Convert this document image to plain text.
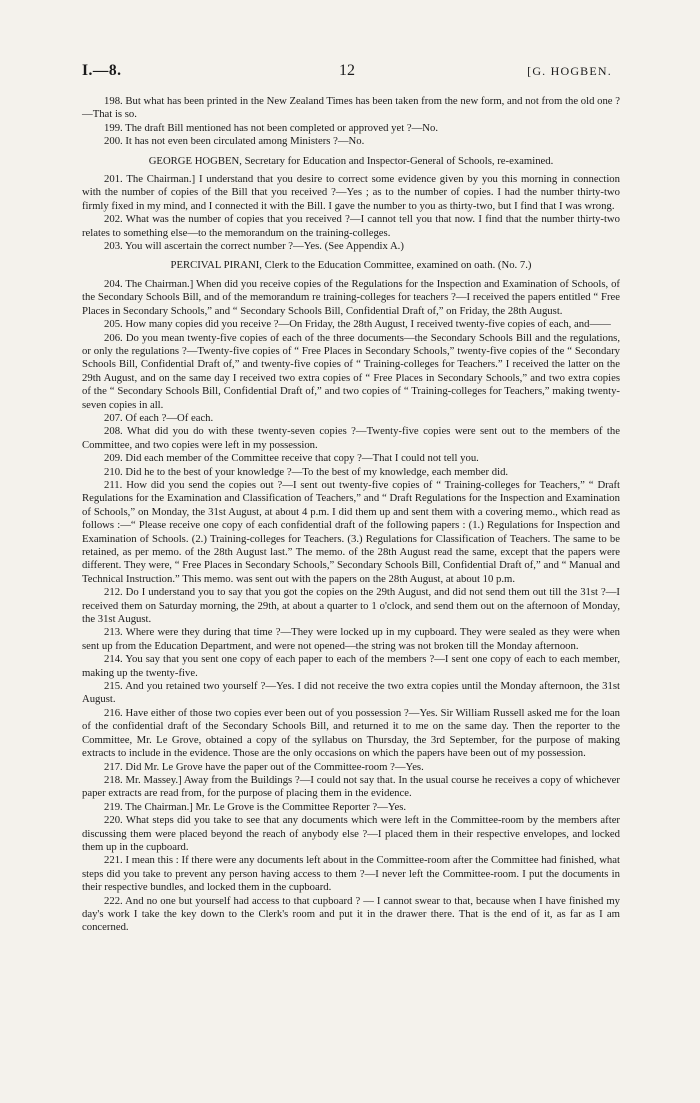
I.—8.	12	[G. HOGBEN.

198. But what has been printed in the New Zealand Times has been taken from the new form, and not from the old one ?—That is so.

199. The draft Bill mentioned has not been completed or approved yet ?—No.

200. It has not even been circulated among Ministers ?—No.

GEORGE HOGBEN, Secretary for Education and Inspector-General of Schools, re-examined.

201. The Chairman.] I understand that you desire to correct some evidence given by you this morning in connection with the number of copies of the Bill that you received ?—Yes ; as to the number of copies. I had the number thirty-two firmly fixed in my mind, and I connected it with the Bill. I gave the number to you as thirty-two, but I find that I was wrong.

202. What was the number of copies that you received ?—I cannot tell you that now. I find that the number thirty-two relates to something else—to the memorandum on the training-colleges.

203. You will ascertain the correct number ?—Yes. (See Appendix A.)

PERCIVAL PIRANI, Clerk to the Education Committee, examined on oath. (No. 7.)

204. The Chairman.] When did you receive copies of the Regulations for the Inspection and Examination of Schools, of the Secondary Schools Bill, and of the memorandum re training-colleges for teachers ?—I received the papers entitled “ Free Places in Secondary Schools,” and “ Secondary Schools Bill, Confidential Draft of,” on Friday, the 28th August.

205. How many copies did you receive ?—On Friday, the 28th August, I received twenty-five copies of each, and——

206. Do you mean twenty-five copies of each of the three documents—the Secondary Schools Bill and the regulations, or only the regulations ?—Twenty-five copies of “ Free Places in Secondary Schools,” twenty-five copies of the “ Secondary Schools Bill, Confidential Draft of,” and twenty-five copies of “ Training-colleges for Teachers.” I received the latter on the 29th August, and on the same day I received two extra copies of “ Free Places in Secondary Schools,” and two extra copies of the “ Secondary Schools Bill, Confidential Draft of,” and two copies of “ Training-colleges for Teachers,” making twenty-seven copies in all.

207. Of each ?—Of each.

208. What did you do with these twenty-seven copies ?—Twenty-five copies were sent out to the members of the Committee, and two copies were left in my possession.

209. Did each member of the Committee receive that copy ?—That I could not tell you.

210. Did he to the best of your knowledge ?—To the best of my knowledge, each member did.

211. How did you send the copies out ?—I sent out twenty-five copies of “ Training-colleges for Teachers,” “ Draft Regulations for the Examination and Classification of Teachers,” and “ Draft Regulations for the Inspection and Examination of Schools,” on Monday, the 31st August, at about 4 p.m. I did them up and sent them with a covering memo., which read as follows :—“ Please receive one copy of each confidential draft of the following papers : (1.) Regulations for Inspection and Examination of Schools. (2.) Training-colleges for Teachers. (3.) Regulations for Classification of Teachers. The same to be retained, as per memo. of the 28th August last.” The memo. of the 28th August read the same, except that the papers were different. They were, “ Free Places in Secondary Schools,” Secondary Schools Bill, Confidential Draft of,” and “ Manual and Technical Instruction.” This memo. was sent out with the papers on the 28th August, at about 10 p.m.

212. Do I understand you to say that you got the copies on the 29th August, and did not send them out till the 31st ?—I received them on Saturday morning, the 29th, at about a quarter to 1 o'clock, and send them out on the afternoon of Monday, the 31st August.

213. Where were they during that time ?—They were locked up in my cupboard. They were sealed as they were when sent up from the Education Department, and were not opened—the string was not broken till the Monday afternoon.

214. You say that you sent one copy of each paper to each of the members ?—I sent one copy of each to each member, making up the twenty-five.

215. And you retained two yourself ?—Yes. I did not receive the two extra copies until the Monday afternoon, the 31st August.

216. Have either of those two copies ever been out of you possession ?—Yes. Sir William Russell asked me for the loan of the confidential draft of the Secondary Schools Bill, and returned it to me on the same day. Then the reporter to the Committee, Mr. Le Grove, obtained a copy of the syllabus on Thursday, the 3rd September, for the purpose of making extracts to include in the evidence. Those are the only occasions on which the papers have been out of my possession.

217. Did Mr. Le Grove have the paper out of the Committee-room ?—Yes.

218. Mr. Massey.] Away from the Buildings ?—I could not say that. In the usual course he receives a copy of whichever paper extracts are read from, for the purpose of placing them in the evidence.

219. The Chairman.] Mr. Le Grove is the Committee Reporter ?—Yes.

220. What steps did you take to see that any documents which were left in the Committee-room by the members after discussing them were placed beyond the reach of anybody else ?—I placed them in their respective envelopes, and locked them up in the cupboard.

221. I mean this : If there were any documents left about in the Committee-room after the Committee had finished, what steps did you take to prevent any person having access to them ?—I never left the Committee-room. I put the documents in their respective bundles, and locked them in the cupboard.

222. And no one but yourself had access to that cupboard ? — I cannot swear to that, because when I have finished my day's work I take the key down to the Clerk's room and put it in the drawer there. That is the end of it, as far as I am concerned.
